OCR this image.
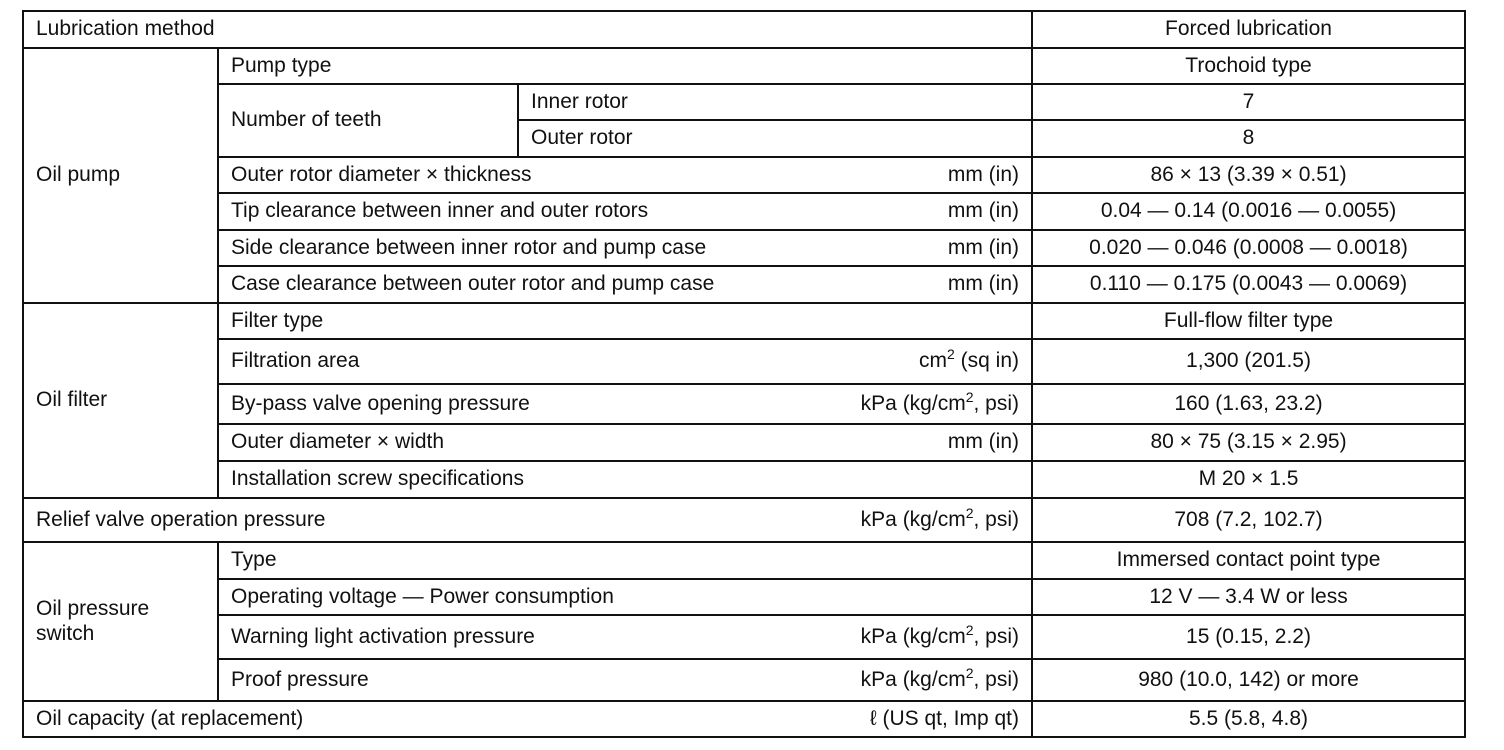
Lubrication method			Forced lubrication
Oil pump	Pump type		Trochoid type
	Number of teeth	Inner rotor	7
		Outer rotor	8

	Outer rotor diameter × thickness mm (in)		86 × 13 (3.39 × 0.51)

	Tip clearance between inner and outer rotors mm (in)		0.04 — 0.14 (0.0016 — 0.0055)

	Side clearance between inner rotor and pump case mm (in)		0.020 — 0.046 (0.0008 — 0.0018)

	Case clearance between outer rotor and pump case mm (in)		0.110 — 0.175 (0.0043 — 0.0069)
Oil filter	Filter type		Full-flow filter type

	Filtration area $cm^2$ (sq in)		1,300 (201.5)

	By-pass valve opening pressure kPa ($kg/cm^2$, psi)		160 (1.63, 23.2)

	Outer diameter × width mm (in)		80 × 75 (3.15 × 2.95)
	Installation screw specifications		M 20 × 1.5

Relief valve operation pressure kPa ($kg/cm^2$, psi)			708 (7.2, 102.7)
Oil pressure
switch	Type		Immersed contact point type
	Operating voltage — Power consumption		12 V — 3.4 W or less

	Warning light activation pressure kPa ($kg/cm^2$, psi)		15 (0.15, 2.2)

	Proof pressure kPa ($kg/cm^2$, psi)		980 (10.0, 142) or more

Oil capacity (at replacement) ℓ (US qt, Imp qt)			5.5 (5.8, 4.8)
